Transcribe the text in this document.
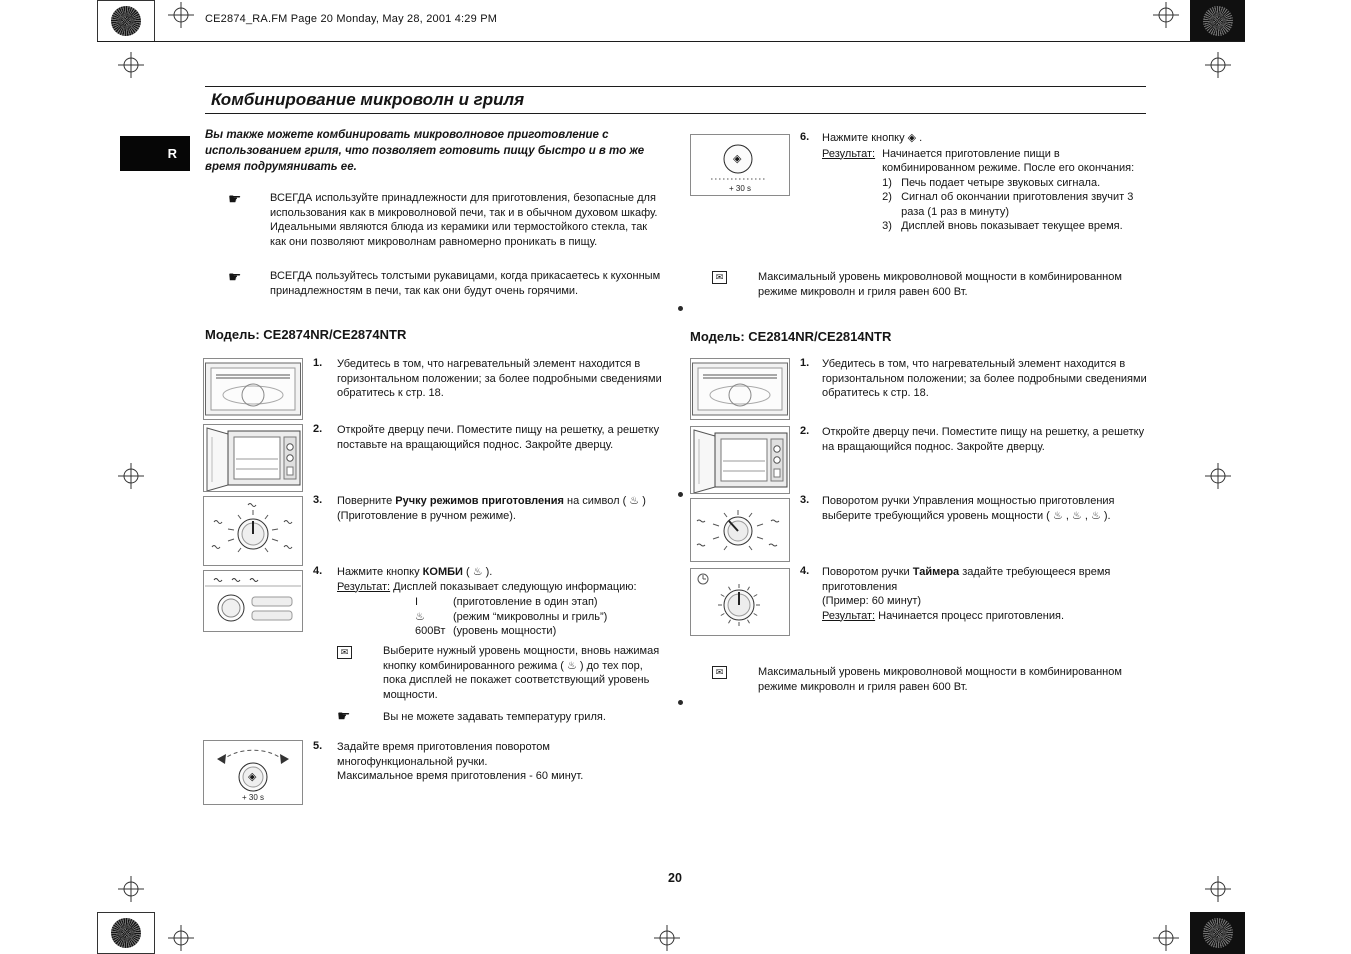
CE2874_RA.FM Page 20 Monday, May 28, 2001 4:29 PM
Комбинирование микроволн и гриля
R
Вы также можете комбинировать микроволновое приготовление с использованием гриля, что позволяет готовить пищу быстро и в то же время подрумянивать ее.
☛	ВСЕГДА используйте принадлежности для приготовления, безопасные для использования как в микроволновой печи, так и в обычном духовом шкафу. Идеальными являются блюда из керамики или термостойкого стекла, так как они позволяют микроволнам равномерно проникать в пищу.
☛	ВСЕГДА пользуйтесь толстыми рукавицами, когда прикасаетесь к кухонным принадлежностям в печи, так как они будут очень горячими.
Модель: CE2874NR/CE2874NTR
1. Убедитесь в том, что нагревательный элемент находится в горизонтальном положении; за более подробными сведениями обратитесь к стр. 18.
2. Откройте дверцу печи. Поместите пищу на решетку, а решетку поставьте на вращающийся поднос. Закройте дверцу.
3. Поверните Ручку режимов приготовления на символ ( ♨ )

(Приготовление в ручном режиме).

4. Нажмите кнопку КОМБИ ( ♨ ).

Результат: Дисплей показывает следующую информацию:

I	(приготовление в один этап)

♨	(режим “микроволны и гриль”)

600Вт (уровень мощности)

✉	Выберите нужный уровень мощности, вновь нажимая кнопку комбинированного режима ( ♨ ) до тех пор, пока дисплей не покажет соответствующий уровень мощности.
☛	Вы не можете задавать температуру гриля.
◈
+ 30 s
5. Задайте время приготовления поворотом многофункциональной ручки.

Максимальное время приготовления - 60 минут.

◈
+ 30 s
6. Нажмите кнопку ◈ .

Результат: Начинается приготовление пищи в комбинированном режиме. После его окончания:

1) Печь подает четыре звуковых сигнала.

2) Сигнал об окончании приготовления звучит 3 раза (1 раз в минуту)

3) Дисплей вновь показывает текущее время.

✉	Максимальный уровень микроволновой мощности в комбинированном режиме микроволн и гриля равен 600 Вт.
Модель: CE2814NR/CE2814NTR
1. Убедитесь в том, что нагревательный элемент находится в горизонтальном положении; за более подробными сведениями обратитесь к стр. 18.
2. Откройте дверцу печи. Поместите пищу на решетку, а решетку на вращающийся поднос. Закройте дверцу.
3. Поворотом ручки Управления мощностью приготовления выберите требующийся уровень мощности ( ♨ , ♨ , ♨ ).
4. Поворотом ручки Таймера задайте требующееся время приготовления

(Пример: 60 минут)

Результат: Начинается процесс приготовления.

✉	Максимальный уровень микроволновой мощности в комбинированном режиме микроволн и гриля равен 600 Вт.
20
